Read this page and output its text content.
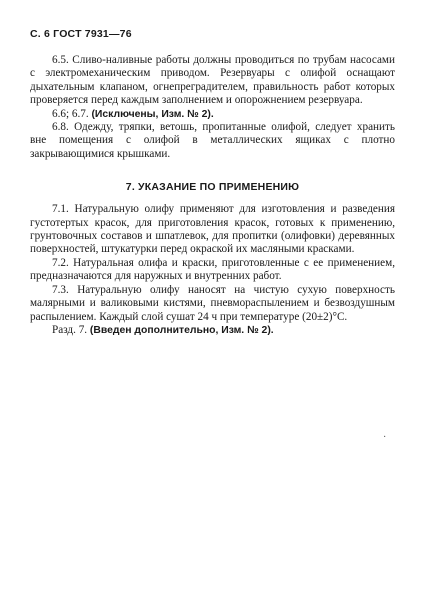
С. 6 ГОСТ 7931—76

6.5. Сливо-наливные работы должны проводиться по трубам насосами с электромеханическим приводом. Резервуары с олифой оснащают дыхательным клапаном, огнепреградителем, правильность работ которых проверяется перед каждым заполнением и опорожнением резервуара.

6.6; 6.7. (Исключены, Изм. № 2).

6.8. Одежду, тряпки, ветошь, пропитанные олифой, следует хранить вне помещения с олифой в металлических ящиках с плотно закрывающимися крышками.

7. УКАЗАНИЕ ПО ПРИМЕНЕНИЮ

7.1. Натуральную олифу применяют для изготовления и разведения густотертых красок, для приготовления красок, готовых к применению, грунтовочных составов и шпатлевок, для пропитки (олифовки) деревянных поверхностей, штукатурки перед окраской их масляными красками.

7.2. Натуральная олифа и краски, приготовленные с ее применением, предназначаются для наружных и внутренних работ.

7.3. Натуральную олифу наносят на чистую сухую поверхность малярными и валиковыми кистями, пневмораспылением и безвоздушным распылением. Каждый слой сушат 24 ч при температуре (20±2)°С.

Разд. 7. (Введен дополнительно, Изм. № 2).

·
